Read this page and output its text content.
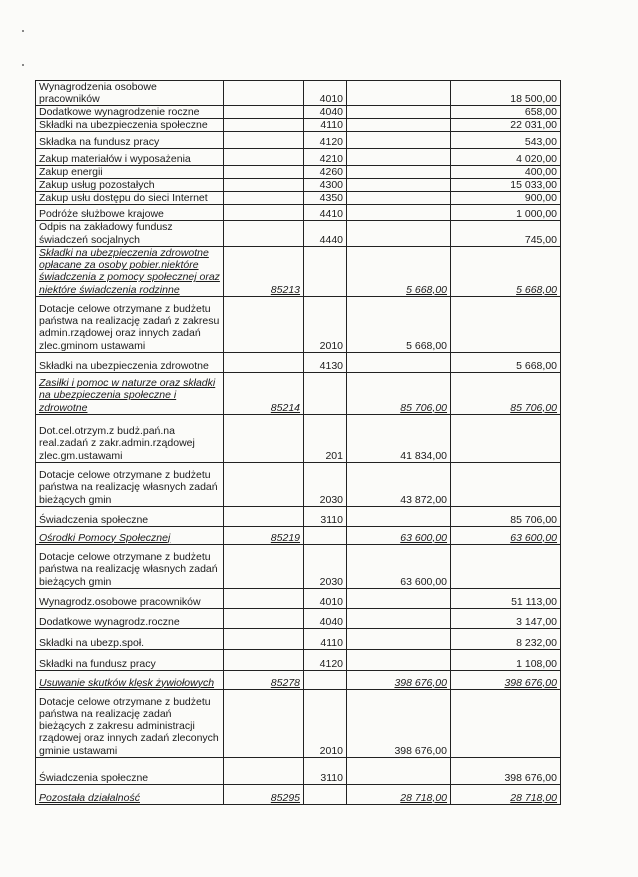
Wynagrodzenia osobowe pracowników		4010		18 500,00
Dodatkowe wynagrodzenie roczne		4040		658,00
Składki na ubezpieczenia społeczne		4110		22 031,00
Składka na fundusz pracy		4120		543,00
Zakup materiałów i wyposażenia		4210		4 020,00
Zakup energii		4260		400,00
Zakup usług pozostałych		4300		15 033,00
Zakup usłu dostępu do sieci Internet		4350		900,00
Podróże służbowe krajowe		4410		1 000,00
Odpis na zakładowy fundusz świadczeń socjalnych		4440		745,00
Składki na ubezpieczenia zdrowotne opłacane za osoby pobier.niektóre świadczenia z pomocy społecznej oraz niektóre świadczenia rodzinne	85213		5 668,00	5 668,00
Dotacje celowe otrzymane z budżetu państwa na realizację zadań z zakresu admin.rządowej oraz innych zadań zlec.gminom ustawami		2010	5 668,00	
Składki na ubezpieczenia zdrowotne		4130		5 668,00
Zasiłki i pomoc w naturze oraz składki na ubezpieczenia społeczne i zdrowotne	85214		85 706,00	85 706,00
Dot.cel.otrzym.z budż.pań.na real.zadań z zakr.admin.rządowej zlec.gm.ustawami		201	41 834,00	
Dotacje celowe otrzymane z budżetu państwa na realizację własnych zadań bieżących gmin		2030	43 872,00	
Świadczenia społeczne		3110		85 706,00
Ośrodki Pomocy Społecznej	85219		63 600,00	63 600,00
Dotacje celowe otrzymane z budżetu państwa na realizację własnych zadań bieżących gmin		2030	63 600,00	
Wynagrodz.osobowe pracowników		4010		51 113,00
Dodatkowe wynagrodz.roczne		4040		3 147,00
Składki na ubezp.społ.		4110		8 232,00
Składki na fundusz pracy		4120		1 108,00
Usuwanie skutków klęsk żywiołowych	85278		398 676,00	398 676,00
Dotacje celowe otrzymane z budżetu państwa na realizację zadań bieżących z zakresu administracji rządowej oraz innych zadań zleconych gminie ustawami		2010	398 676,00	
Świadczenia społeczne		3110		398 676,00
Pozostała działalność	85295		28 718,00	28 718,00
